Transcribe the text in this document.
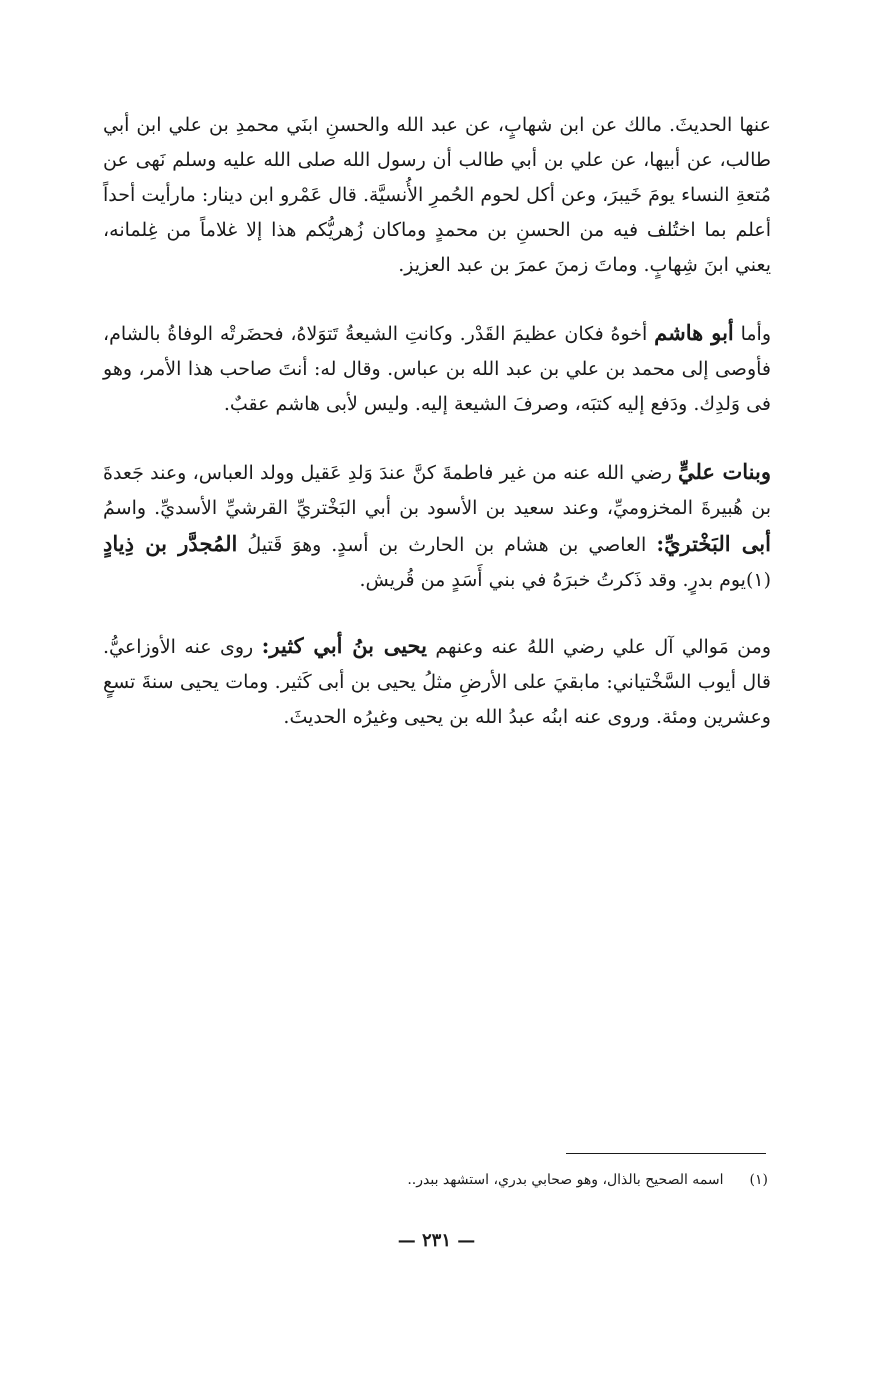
عنها الحديثَ. مالك عن ابن شهابٍ، عن عبد الله والحسنِ ابنَي محمدِ بن علي ابن أبي طالب، عن أبيها، عن علي بن أبي طالب أن رسول الله صلى الله عليه وسلم نَهى عن مُتعةِ النساء يومَ خَيبرَ، وعن أكل لحوم الحُمرِ الأُنسيَّة. قال عَمْرو ابن دينار: مارأيت أحداً أعلم بما اختُلف فيه من الحسنِ بن محمدٍ وماكان زُهريُّكم هذا إلا غلاماً من غِلمانه، يعني ابنَ شِهابٍ. وماتَ زمنَ عمرَ بن عبد العزيز.

وأما أبو هاشم أخوهُ فكان عظيمَ القَدْر. وكانتِ الشيعةُ تَتوَلاهُ، فحضَرتْه الوفاةُ بالشام، فأوصى إلى محمد بن علي بن عبد الله بن عباس. وقال له: أنتَ صاحب هذا الأمر، وهو فى وَلدِك. ودَفع إليه كتبَه، وصرفَ الشيعة إليه. وليس لأبى هاشم عقبٌ.

وبنات عليٍّ رضي الله عنه من غير فاطمةَ كنَّ عندَ وَلدِ عَقيل وولد العباس، وعند جَعدةَ بن هُبيرةَ المخزوميِّ، وعند سعيد بن الأسود بن أبي البَخْتريِّ القرشيِّ الأسديِّ. واسمُ أبى البَخْتريِّ: العاصي بن هشام بن الحارث بن أسدٍ. وهوَ قَتيلُ المُجدَّر بن ذِيادٍ (١)يوم بدرٍ. وقد ذَكرتُ خبرَهُ في بني أَسَدٍ من قُريش.

ومن مَوالي آل علي رضي اللهُ عنه وعنهم يحيى بنُ أبي كثير: روى عنه الأوزاعيُّ. قال أيوب السَّخْتياني: مابقيَ على الأرضِ مثلُ يحيى بن أبى كَثير. ومات يحيى سنةَ تسعٍ وعشرين ومئة. وروى عنه ابنُه عبدُ الله بن يحيى وغيرُه الحديثَ.

(١)اسمه الصحيح بالذال، وهو صحابي بدري، استشهد ببدر..
— ٢٣١ —
